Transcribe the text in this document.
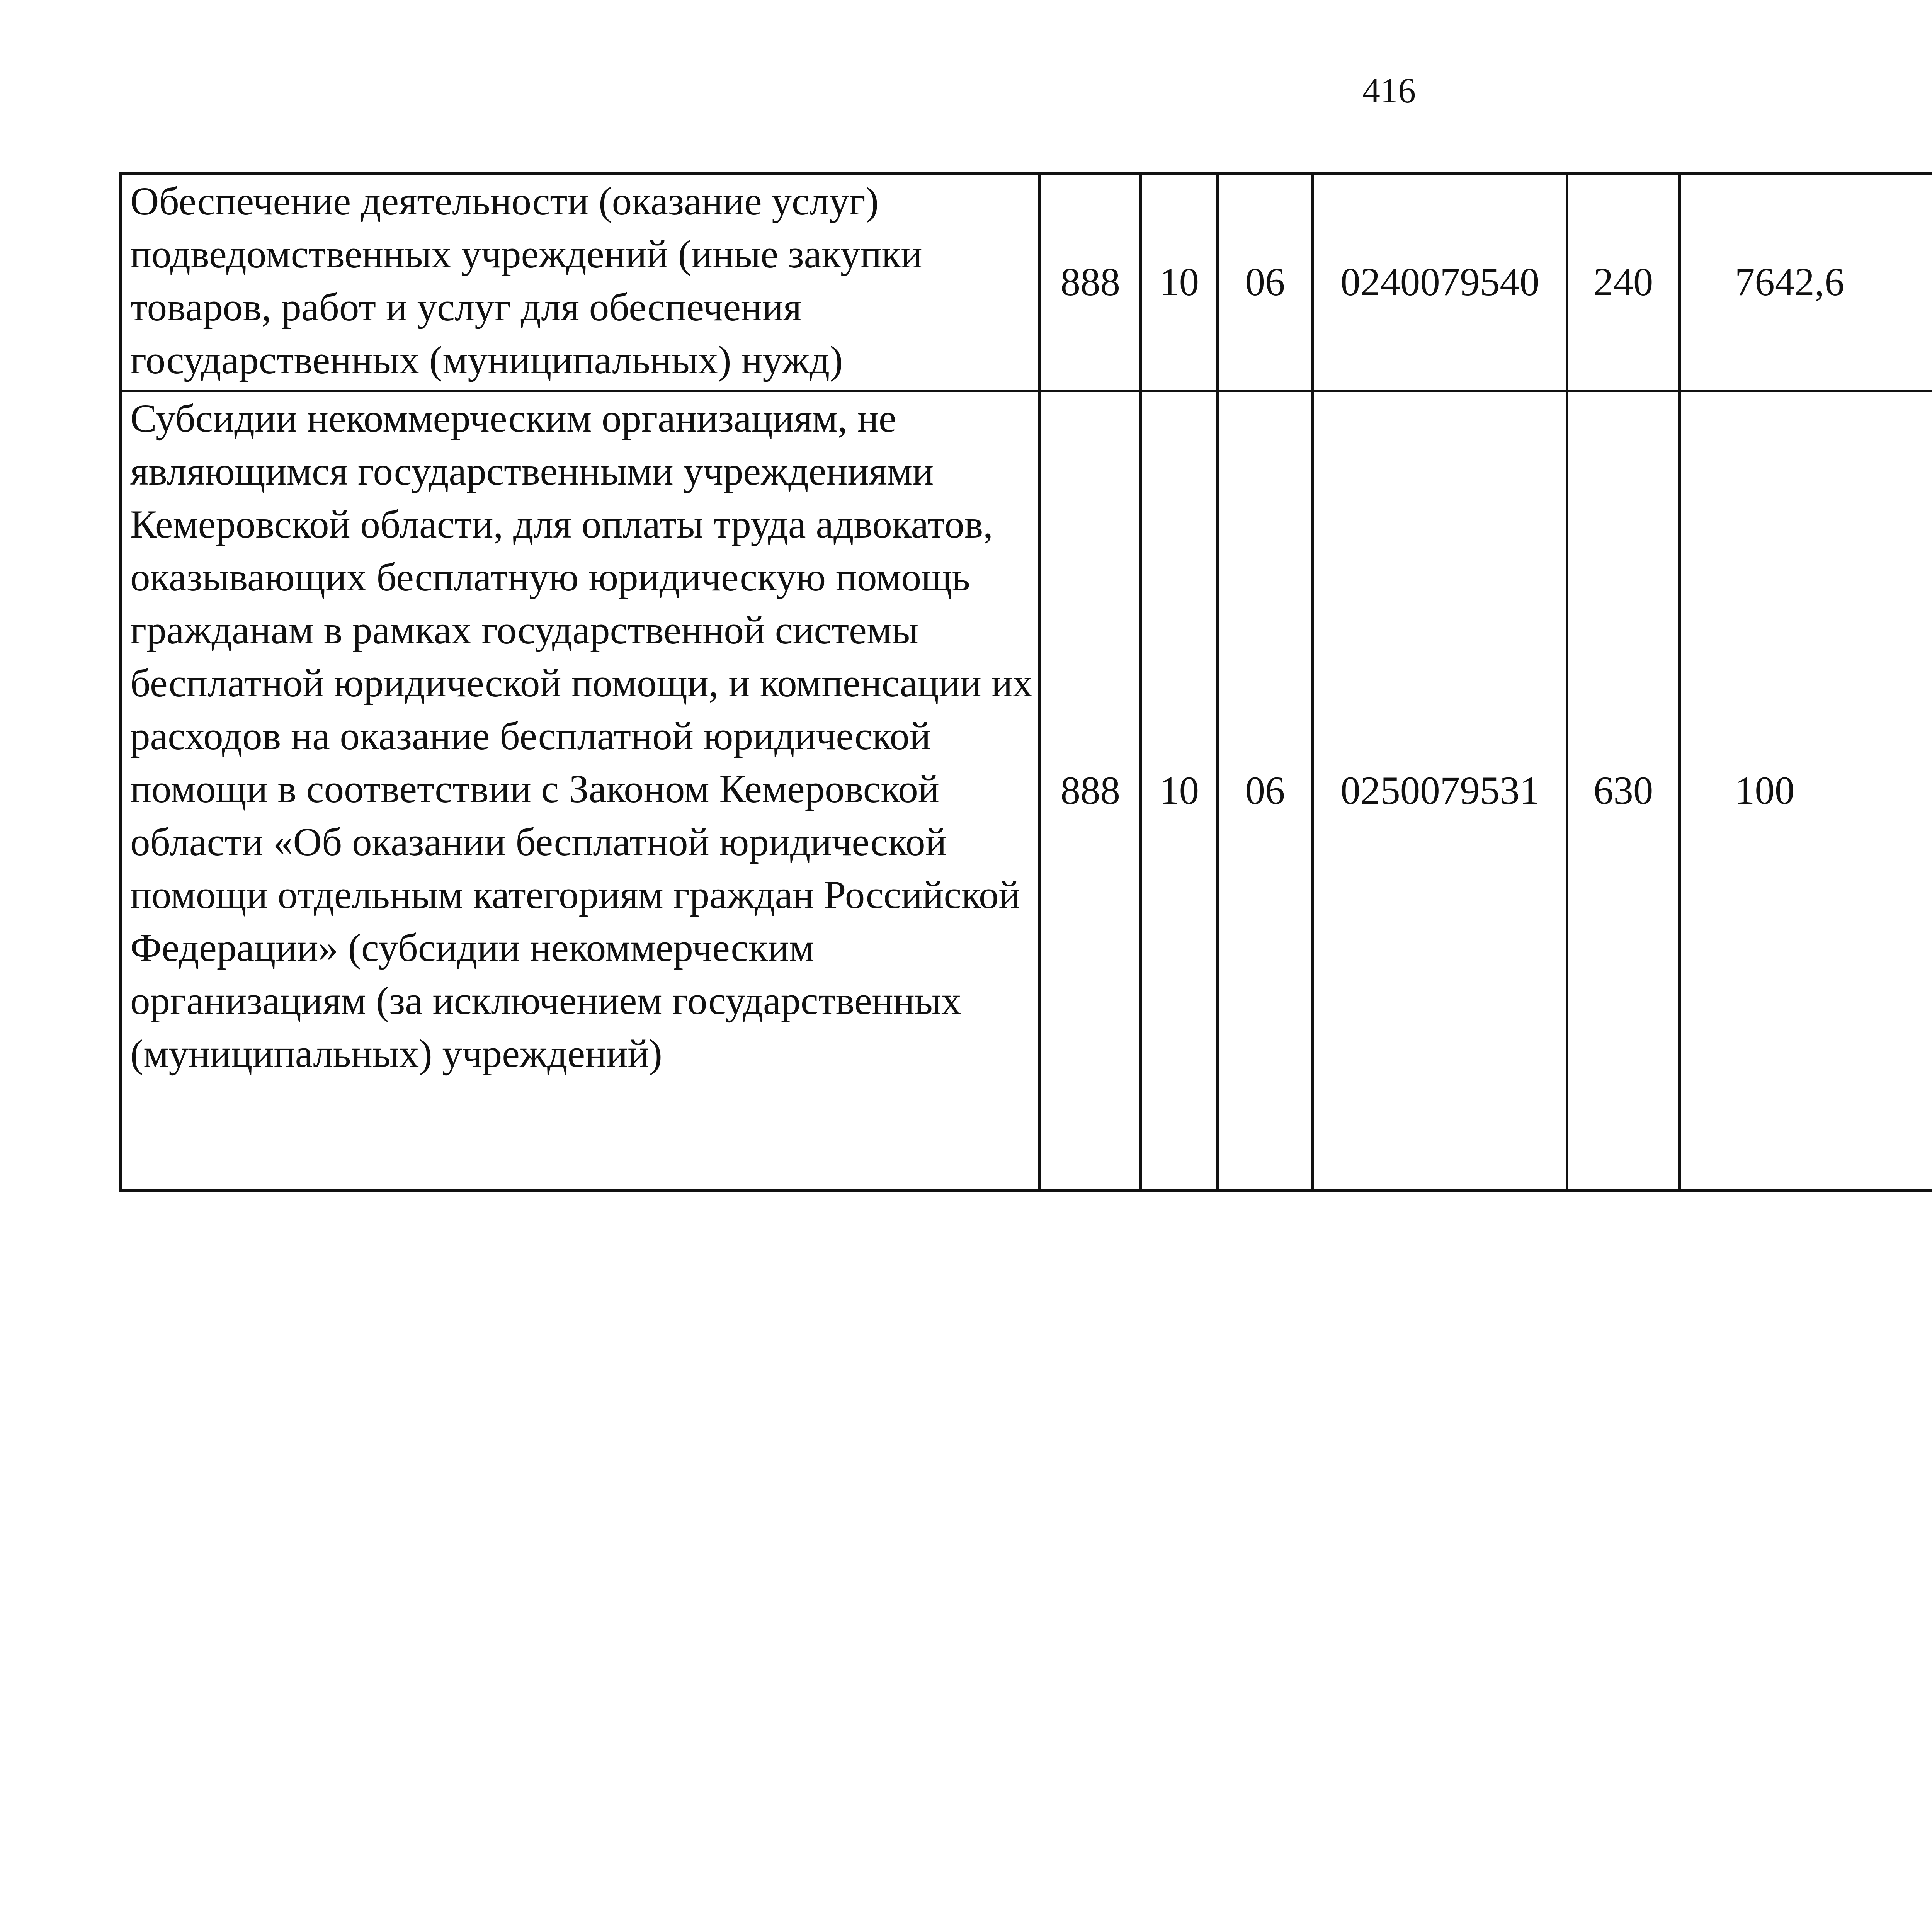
416
Обеспечение деятельности (оказание услуг) подведомственных учреждений (иные закупки товаров, работ и услуг для обеспечения государственных (муниципальных) нужд)	888	10	06	0240079540	240	7642,6		
Субсидии некоммерческим организациям, не являющимся государственными учреждениями Кемеровской области, для оплаты труда адвокатов, оказывающих бесплатную юридическую помощь гражданам в рамках государственной системы бесплатной юридической помощи, и компенсации их расходов на оказание бесплатной юридической помощи в соответствии с Законом Кемеровской области «Об оказании бесплатной юридической помощи отдельным категориям граждан Российской Федерации» (субсидии некоммерческим организациям (за исключением государственных (муниципальных) учреждений)	888	10	06	0250079531	630	100		
